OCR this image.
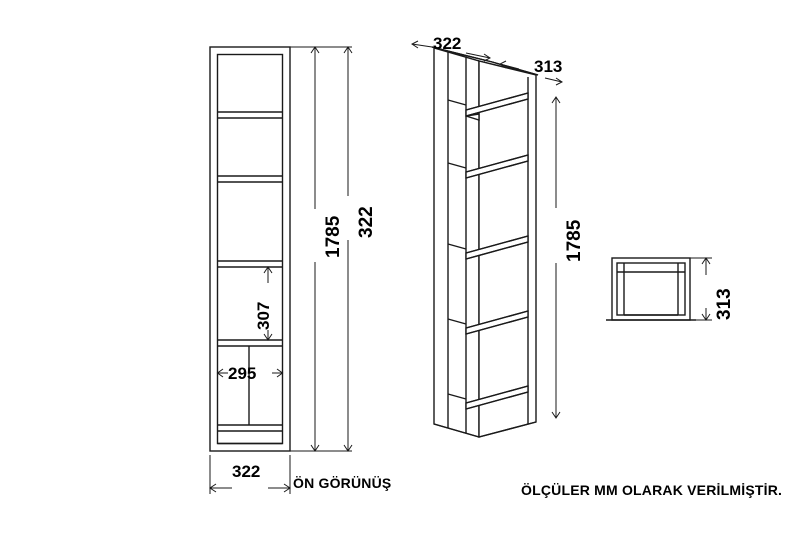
1785 322
307
295
322
ÖN GÖRÜNÜŞ
322
313
1785
313
ÖLÇÜLER MM OLARAK VERİLMİŞTİR.
